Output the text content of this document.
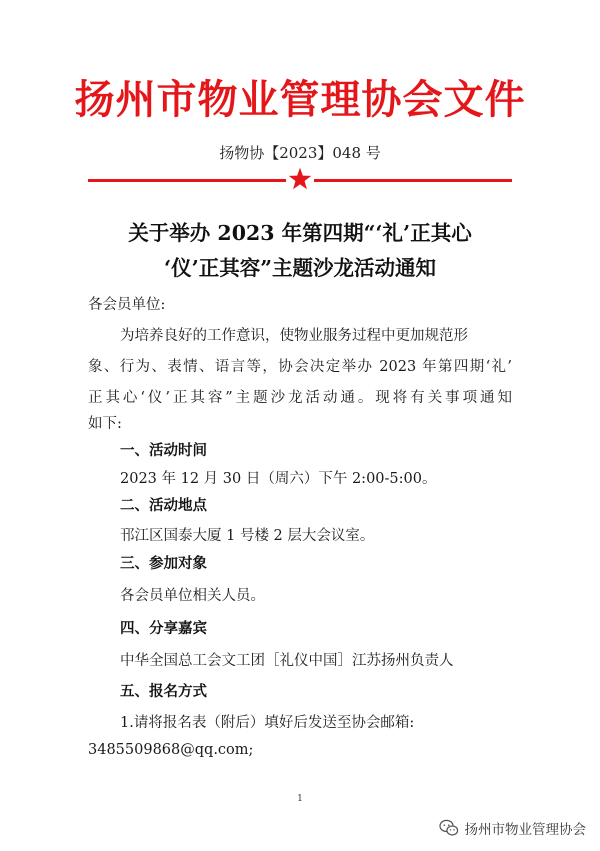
扬州市物业管理协会文件
扬物协【2023】048 号
关于举办 2023 年第四期“‘礼’正其心
‘仪’正其容”主题沙龙活动通知
各会员单位:
为培养良好的工作意识，使物业服务过程中更加规范形
象、行为、表情、语言等，协会决定举办 2023 年第四期‘礼’
正其心‘仪’正其容”主题沙龙活动通。现将有关事项通知
如下:
一、活动时间
2023 年 12 月 30 日（周六）下午 2:00-5:00。
二、活动地点
邗江区国泰大厦 1 号楼 2 层大会议室。
三、参加对象
各会员单位相关人员。
四、分享嘉宾
中华全国总工会文工团［礼仪中国］江苏扬州负责人
五、报名方式
1.请将报名表（附后）填好后发送至协会邮箱:
3485509868@qq.com;
1
扬州市物业管理协会
